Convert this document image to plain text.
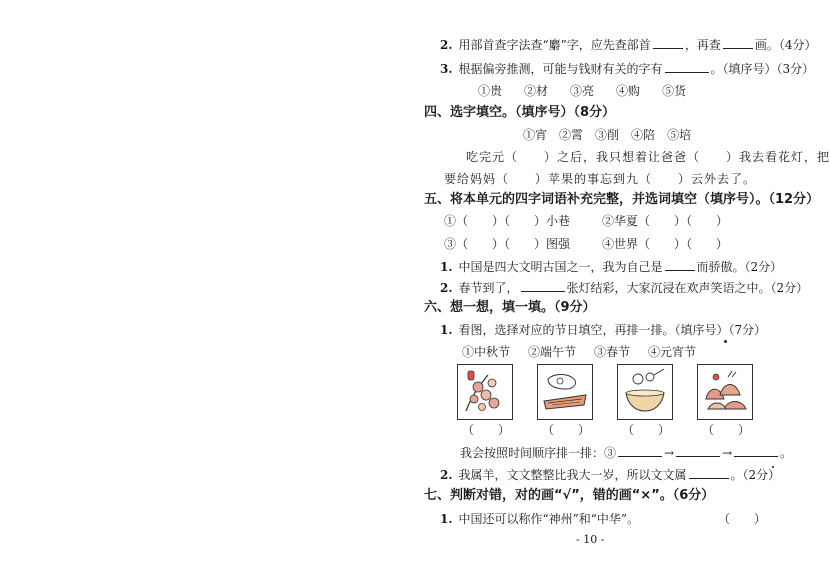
2. 用部首查字法查“麝”字，应先查部首	，再查	画。（4分）
3. 根据偏旁推测，可能与钱财有关的字有	。（填序号）（3分）
①贵 ②材 ③亮 ④购 ⑤货
四、选字填空。（填序号）（8分）
①宵 ②霄 ③削 ④陪 ⑤培
吃完元（　　）之后，我只想着让爸爸（　　）我去看花灯，把
要给妈妈（　　）苹果的事忘到九（　　）云外去了。
五、将本单元的四字词语补充完整，并选词填空（填序号）。（12分）
①（　　）（　　）小巷	②华夏（　　）（　　）
③（　　）（　　）图强	④世界（　　）（　　）
1. 中国是四大文明古国之一，我为自己是	而骄傲。（2分）
2. 春节到了，	张灯结彩，大家沉浸在欢声笑语之中。（2分）
六、想一想，填一填。（9分）
1. 看图，选择对应的节日填空，再排一排。（填序号）（7分）
①中秋节 ②端午节 ③春节 ④元宵节
（　　）	（　　）	（　　）	（　　）
我会按照时间顺序排一排：③	→	→	。
2. 我属羊，文文整整比我大一岁，所以文文属	。（2分）
七、判断对错，对的画“√”，错的画“×”。（6分）
1. 中国还可以称作“神州”和“中华”。	（　　）
- 10 -
